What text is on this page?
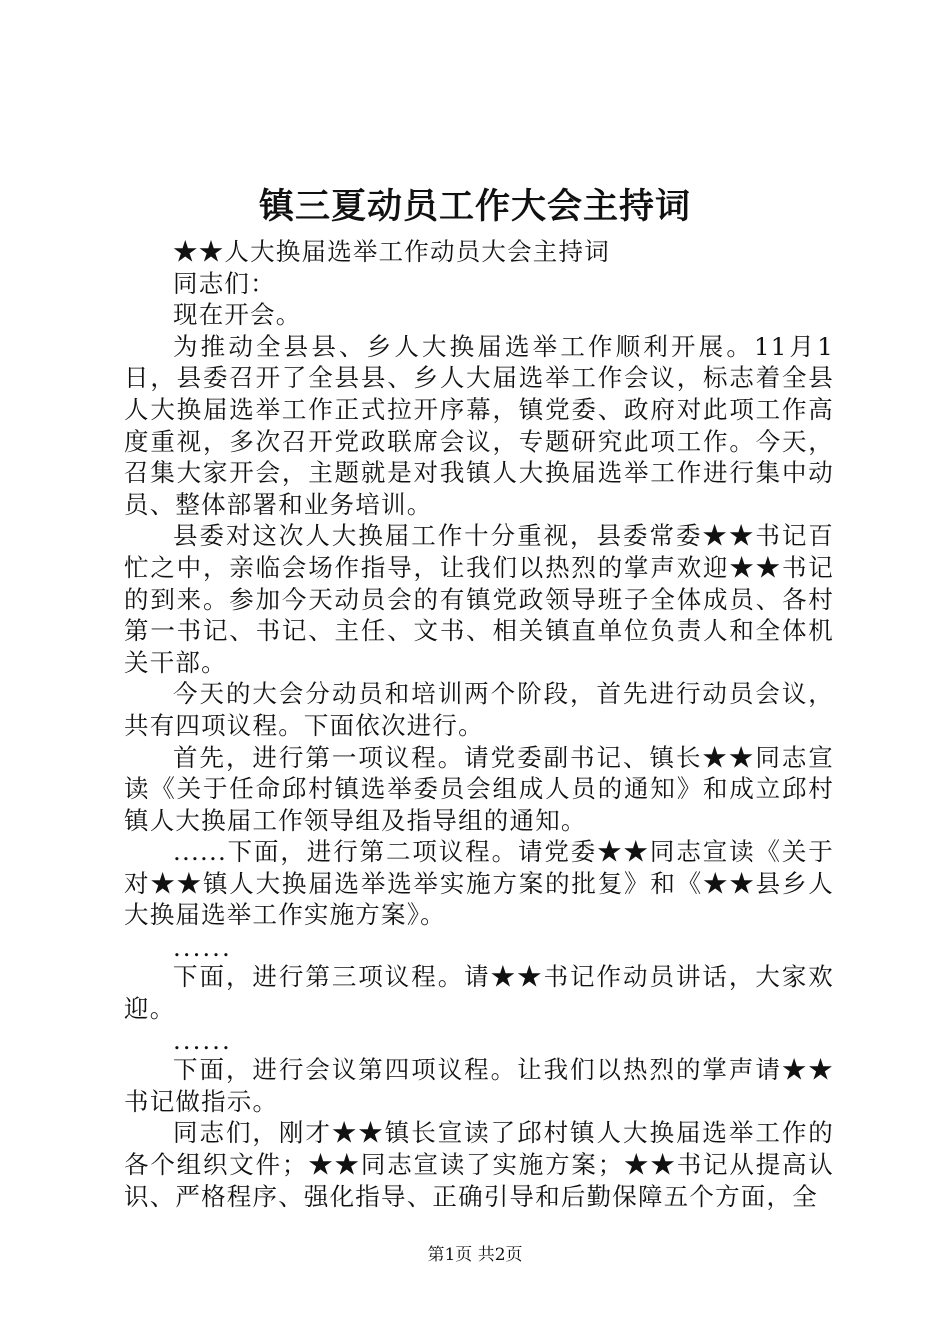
镇三夏动员工作大会主持词

★★人大换届选举工作动员大会主持词

同志们：

现在开会。

为推动全县县、乡人大换届选举工作顺利开展。11月1日，县委召开了全县县、乡人大届选举工作会议，标志着全县人大换届选举工作正式拉开序幕，镇党委、政府对此项工作高度重视，多次召开党政联席会议，专题研究此项工作。今天，召集大家开会，主题就是对我镇人大换届选举工作进行集中动员、整体部署和业务培训。

县委对这次人大换届工作十分重视，县委常委★★书记百忙之中，亲临会场作指导，让我们以热烈的掌声欢迎★★书记的到来。参加今天动员会的有镇党政领导班子全体成员、各村第一书记、书记、主任、文书、相关镇直单位负责人和全体机关干部。

今天的大会分动员和培训两个阶段，首先进行动员会议，共有四项议程。下面依次进行。

首先，进行第一项议程。请党委副书记、镇长★★同志宣读《关于任命邱村镇选举委员会组成人员的通知》和成立邱村镇人大换届工作领导组及指导组的通知。

......下面，进行第二项议程。请党委★★同志宣读《关于对★★镇人大换届选举选举实施方案的批复》和《★★县乡人大换届选举工作实施方案》。

......

下面，进行第三项议程。请★★书记作动员讲话，大家欢迎。

......

下面，进行会议第四项议程。让我们以热烈的掌声请★★书记做指示。

同志们，刚才★★镇长宣读了邱村镇人大换届选举工作的各个组织文件；★★同志宣读了实施方案；★★书记从提高认识、严格程序、强化指导、正确引导和后勤保障五个方面，全

第1页 共2页
